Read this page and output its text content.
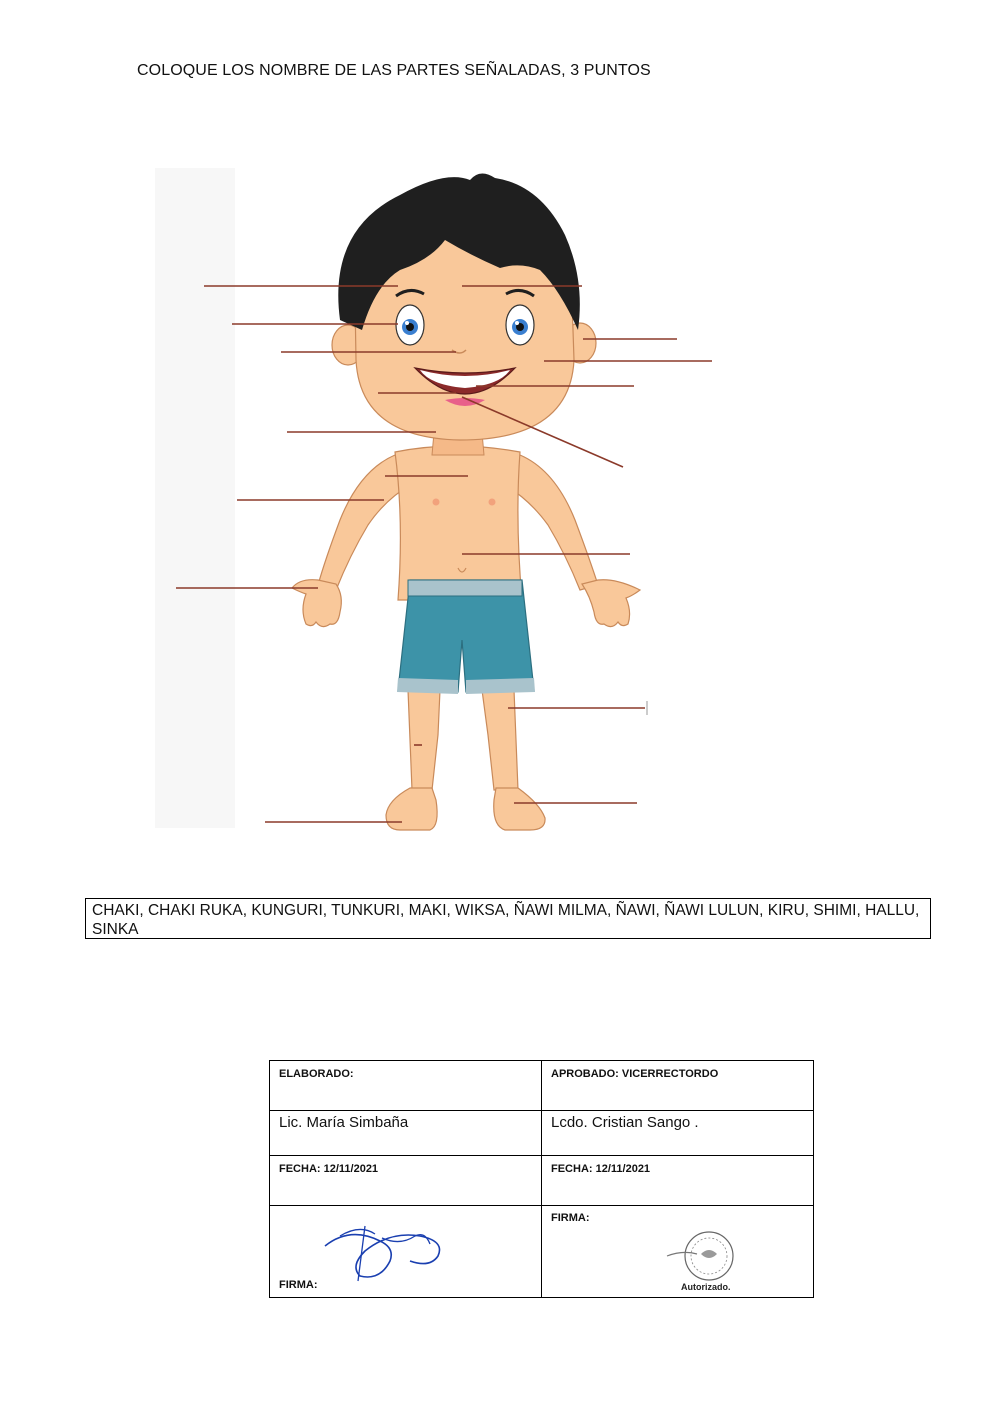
COLOQUE LOS NOMBRE DE LAS PARTES SEÑALADAS, 3 PUNTOS
CHAKI, CHAKI RUKA, KUNGURI, TUNKURI, MAKI, WIKSA, ÑAWI MILMA, ÑAWI, ÑAWI LULUN, KIRU, SHIMI, HALLU, SINKA
ELABORADO:	APROBADO: VICERRECTORDO
Lic. María Simbaña	Lcdo. Cristian Sango .
FECHA: 12/11/2021	FECHA: 12/11/2021

FIRMA:	FIRMA:
Autorizado.
